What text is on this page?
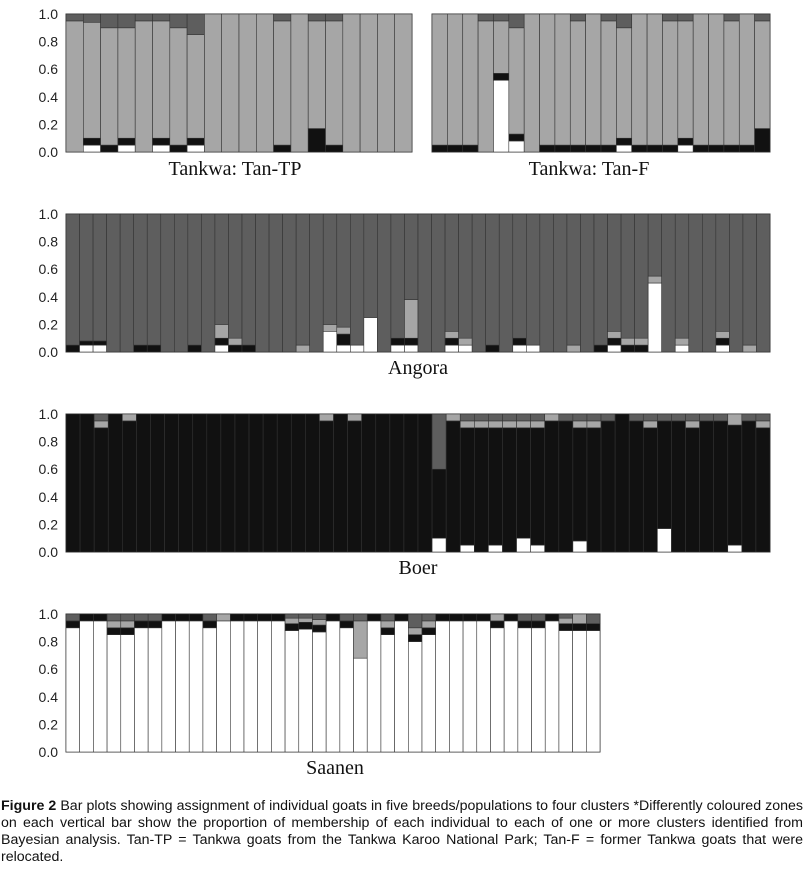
1.0
0.8
0.6
0.4
0.2
0.0
Tankwa: Tan-TP	Tankwa: Tan-F
1.0
0.8
0.6
0.4
0.2
0.0
Angora
1.0
0.8
0.6
0.4
0.2
0.0
Boer
1.0
0.8
0.6
0.4
0.2
0.0
Saanen
Figure 2 Bar plots showing assignment of individual goats in five breeds/populations to four clusters *Differently coloured zones on each vertical bar show the proportion of membership of each individual to each of one or more clusters identified from Bayesian analysis. Tan-TP = Tankwa goats from the Tankwa Karoo National Park; Tan-F = former Tankwa goats that were relocated.
